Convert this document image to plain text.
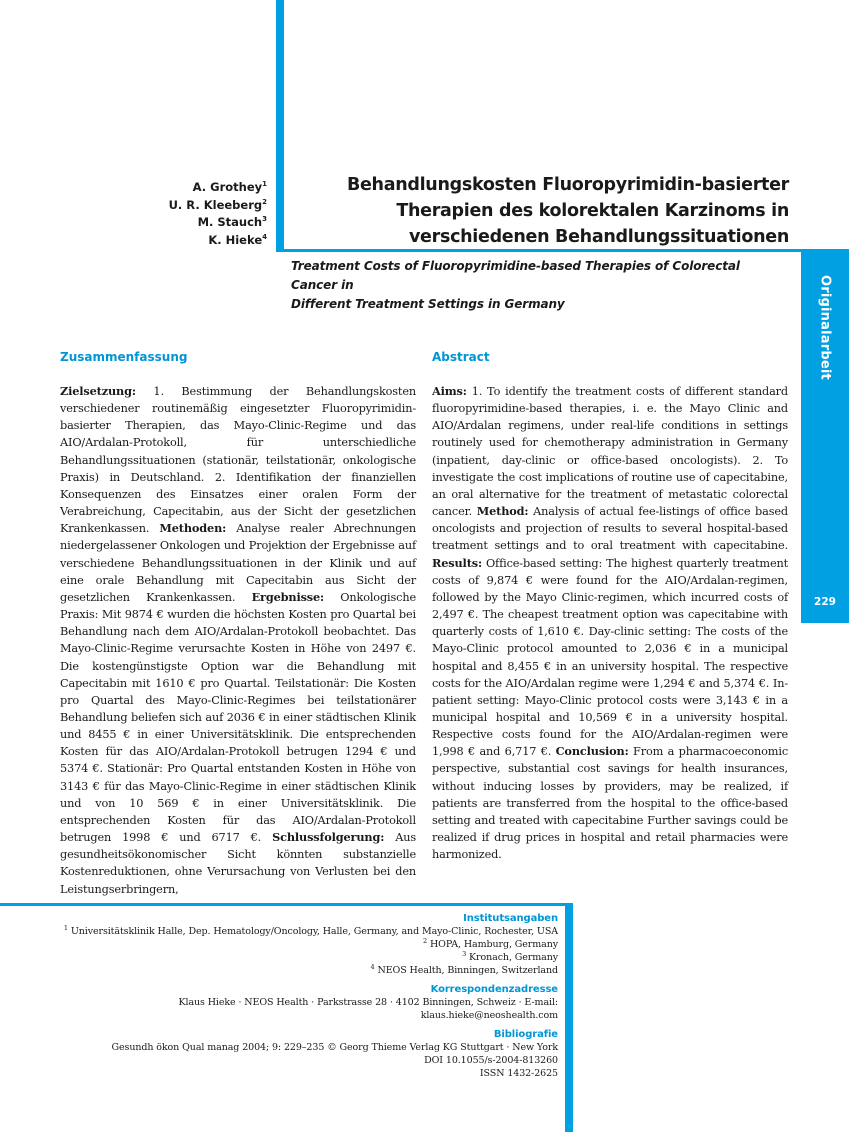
Originalarbeit
229
A. Grothey$^1$
U. R. Kleeberg$^2$
M. Stauch$^3$
K. Hieke$^4$
Behandlungskosten Fluoropyrimidin-basierter
Therapien des kolorektalen Karzinoms in
verschiedenen Behandlungssituationen
Treatment Costs of Fluoropyrimidine-based Therapies of Colorectal Cancer in
Different Treatment Settings in Germany
Zusammenfassung	Abstract
Zielsetzung: 1. Bestimmung der Behandlungskosten verschiedener routinemäßig eingesetzter Fluoropyrimidin-basierter Therapien, das Mayo-Clinic-Regime und das AIO/Ardalan-Protokoll, für unterschiedliche Behandlungssituationen (stationär, teilstationär, onkologische Praxis) in Deutschland. 2. Identifikation der finanziellen Konsequenzen des Einsatzes einer oralen Form der Verabreichung, Capecitabin, aus der Sicht der gesetzlichen Krankenkassen. Methoden: Analyse realer Abrechnungen niedergelassener Onkologen und Projektion der Ergebnisse auf verschiedene Behandlungssituationen in der Klinik und auf eine orale Behandlung mit Capecitabin aus Sicht der gesetzlichen Krankenkassen. Ergebnisse: Onkologische Praxis: Mit 9874 € wurden die höchsten Kosten pro Quartal bei Behandlung nach dem AIO/Ardalan-Protokoll beobachtet. Das Mayo-Clinic-Regime verursachte Kosten in Höhe von 2497 €. Die kostengünstigste Option war die Behandlung mit Capecitabin mit 1610 € pro Quartal. Teilstationär: Die Kosten pro Quartal des Mayo-Clinic-Regimes bei teilstationärer Behandlung beliefen sich auf 2036 € in einer städtischen Klinik und 8455 € in einer Universitätsklinik. Die entsprechenden Kosten für das AIO/Ardalan-Protokoll betrugen 1294 € und 5374 €. Stationär: Pro Quartal entstanden Kosten in Höhe von 3143 € für das Mayo-Clinic-Regime in einer städtischen Klinik und von 10 569 € in einer Universitätsklinik. Die entsprechenden Kosten für das AIO/Ardalan-Protokoll betrugen 1998 € und 6717 €. Schlussfolgerung: Aus gesundheitsökonomischer Sicht könnten substanzielle Kostenreduktionen, ohne Verursachung von Verlusten bei den Leistungserbringern,
Aims: 1. To identify the treatment costs of different standard fluoropyrimidine-based therapies, i. e. the Mayo Clinic and AIO/Ardalan regimens, under real-life conditions in settings routinely used for chemotherapy administration in Germany (inpatient, day-clinic or office-based oncologists). 2. To investigate the cost implications of routine use of capecitabine, an oral alternative for the treatment of metastatic colorectal cancer. Method: Analysis of actual fee-listings of office based oncologists and projection of results to several hospital-based treatment settings and to oral treatment with capecitabine. Results: Office-based setting: The highest quarterly treatment costs of 9,874 € were found for the AIO/Ardalan-regimen, followed by the Mayo Clinic-regimen, which incurred costs of 2,497 €. The cheapest treatment option was capecitabine with quarterly costs of 1,610 €. Day-clinic setting: The costs of the Mayo-Clinic protocol amounted to 2,036 € in a municipal hospital and 8,455 € in an university hospital. The respective costs for the AIO/Ardalan regime were 1,294 € and 5,374 €. In-patient setting: Mayo-Clinic protocol costs were 3,143 € in a municipal hospital and 10,569 € in a university hospital. Respective costs found for the AIO/Ardalan-regimen were 1,998 € and 6,717 €. Conclusion: From a pharmacoeconomic perspective, substantial cost savings for health insurances, without inducing losses by providers, may be realized, if patients are transferred from the hospital to the office-based setting and treated with capecitabine Further savings could be realized if drug prices in hospital and retail pharmacies were harmonized.
Institutsangaben
$^1$ Universitätsklinik Halle, Dep. Hematology/Oncology, Halle, Germany, and Mayo-Clinic, Rochester, USA
$^2$ HOPA, Hamburg, Germany
$^3$ Kronach, Germany
$^4$ NEOS Health, Binningen, Switzerland
Korrespondenzadresse
Klaus Hieke · NEOS Health · Parkstrasse 28 · 4102 Binningen, Schweiz · E-mail: klaus.hieke@neoshealth.com
Bibliografie
Gesundh ökon Qual manag 2004; 9: 229–235 © Georg Thieme Verlag KG Stuttgart · New York
DOI 10.1055/s-2004-813260
ISSN 1432-2625
